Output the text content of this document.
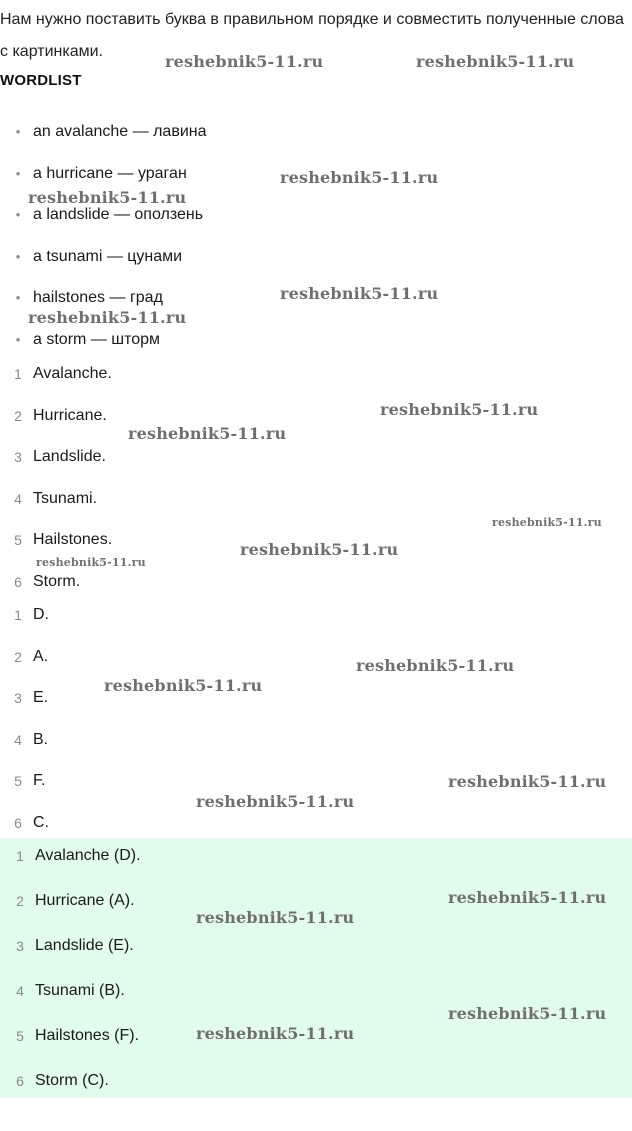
Нам нужно поставить буква в правильном порядке и совместить полученные слова с картинками.
WORDLIST
• an avalanche — лавина
• a hurricane — ураган
• a landslide — оползень
• a tsunami — цунами
• hailstones — град
• a storm — шторм
1 Avalanche.
2 Hurricane.
3 Landslide.
4 Tsunami.
5 Hailstones.
6 Storm.
1 D.
2 A.
3 E.
4 B.
5 F.
6 C.
1 Avalanche (D).
2 Hurricane (A).
3 Landslide (E).
4 Tsunami (B).
5 Hailstones (F).
6 Storm (C).
reshebnik5-11.ru	reshebnik5-11.ru
reshebnik5-11.ru
reshebnik5-11.ru
reshebnik5-11.ru
reshebnik5-11.ru
reshebnik5-11.ru
reshebnik5-11.ru
reshebnik5-11.ru
reshebnik5-11.ru
reshebnik5-11.ru
reshebnik5-11.ru
reshebnik5-11.ru
reshebnik5-11.ru
reshebnik5-11.ru
reshebnik5-11.ru
reshebnik5-11.ru
reshebnik5-11.ru
reshebnik5-11.ru
